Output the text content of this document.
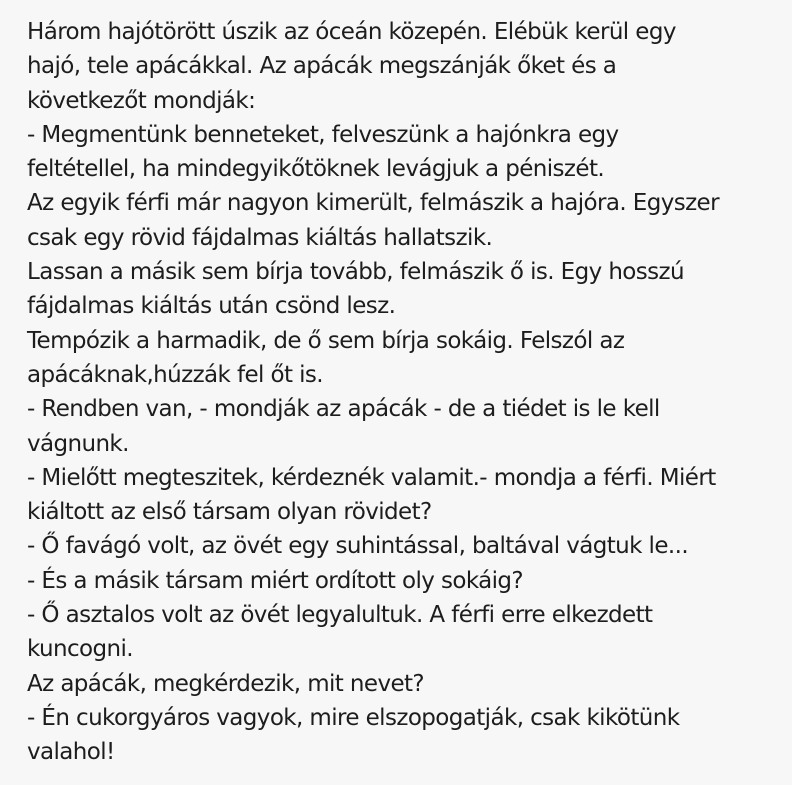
Három hajótörött úszik az óceán közepén. Elébük kerül egy
hajó, tele apácákkal. Az apácák megszánják őket és a
következőt mondják:
- Megmentünk benneteket, felveszünk a hajónkra egy
feltétellel, ha mindegyikőtöknek levágjuk a péniszét.
Az egyik férfi már nagyon kimerült, felmászik a hajóra. Egyszer
csak egy rövid fájdalmas kiáltás hallatszik.
Lassan a másik sem bírja tovább, felmászik ő is. Egy hosszú
fájdalmas kiáltás után csönd lesz.
Tempózik a harmadik, de ő sem bírja sokáig. Felszól az
apácáknak,húzzák fel őt is.
- Rendben van, - mondják az apácák - de a tiédet is le kell
vágnunk.
- Mielőtt megteszitek, kérdeznék valamit.- mondja a férfi. Miért
kiáltott az első társam olyan rövidet?
- Ő favágó volt, az övét egy suhintással, baltával vágtuk le...
- És a másik társam miért ordított oly sokáig?
- Ő asztalos volt az övét legyalultuk. A férfi erre elkezdett
kuncogni.
Az apácák, megkérdezik, mit nevet?
- Én cukorgyáros vagyok, mire elszopogatják, csak kikötünk
valahol!
